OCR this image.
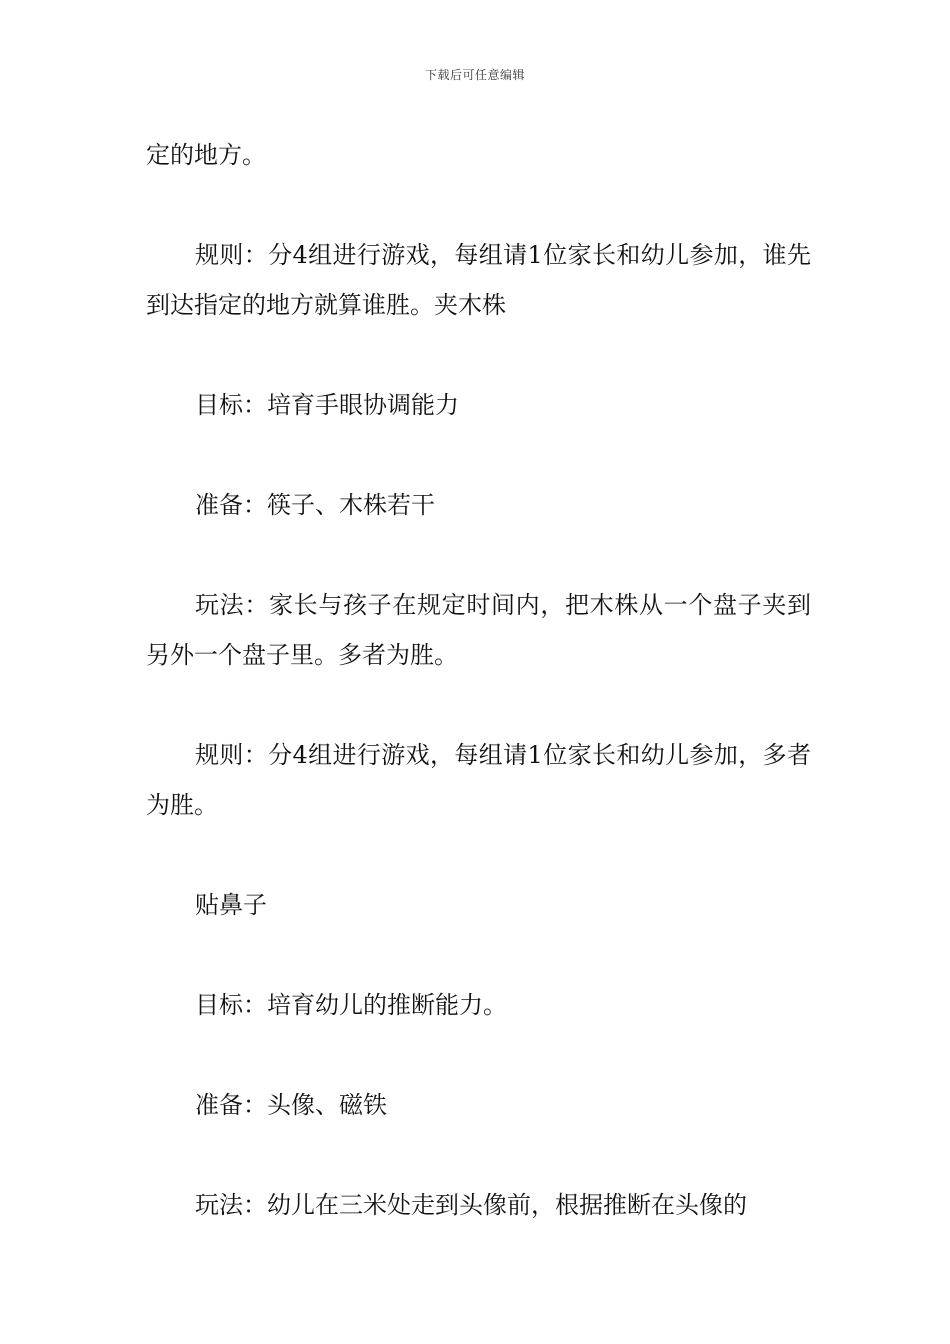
下载后可任意编辑

定的地方。

规则：分4组进行游戏，每组请1位家长和幼儿参加，谁先到达指定的地方就算谁胜。夹木株

目标：培育手眼协调能力

准备：筷子、木株若干

玩法：家长与孩子在规定时间内，把木株从一个盘子夹到另外一个盘子里。多者为胜。

规则：分4组进行游戏，每组请1位家长和幼儿参加，多者为胜。

贴鼻子

目标：培育幼儿的推断能力。

准备：头像、磁铁

玩法：幼儿在三米处走到头像前，根据推断在头像的
